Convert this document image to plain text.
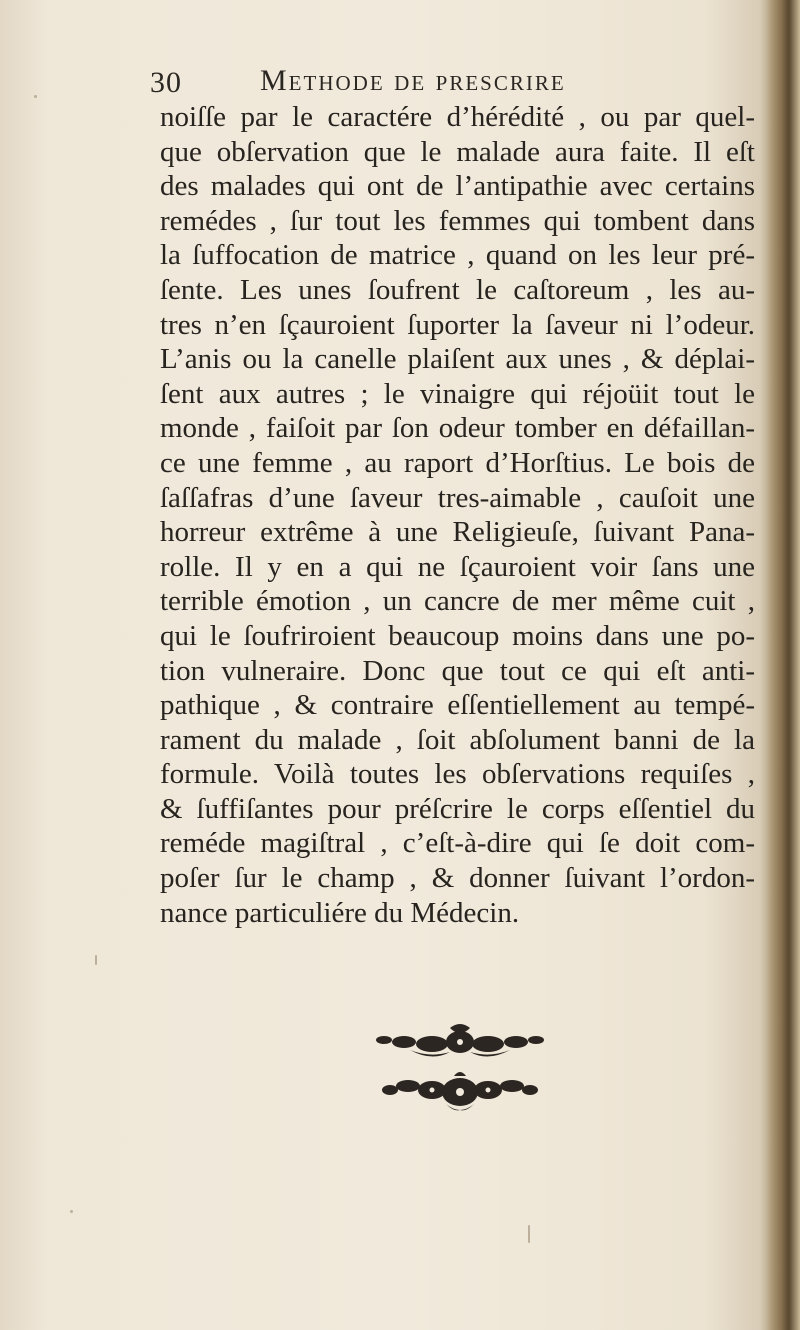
30	Methode de prescrire
noiſſe par le caractére d’hérédité , ou par quel-
que obſervation que le malade aura faite. Il eſt
des malades qui ont de l’antipathie avec certains
remédes , ſur tout les femmes qui tombent dans
la ſuffocation de matrice , quand on les leur pré-
ſente. Les unes ſoufrent le caſtoreum , les au-
tres n’en ſçauroient ſuporter la ſaveur ni l’odeur.
L’anis ou la canelle plaiſent aux unes , & déplai-
ſent aux autres ; le vinaigre qui réjoüit tout le
monde , faiſoit par ſon odeur tomber en défaillan-
ce une femme , au raport d’Horſtius. Le bois de
ſaſſafras d’une ſaveur tres-aimable , cauſoit une
horreur extrême à une Religieuſe, ſuivant Pana-
rolle. Il y en a qui ne ſçauroient voir ſans une
terrible émotion , un cancre de mer même cuit ,
qui le ſoufriroient beaucoup moins dans une po-
tion vulneraire. Donc que tout ce qui eſt anti-
pathique , & contraire eſſentiellement au tempé-
rament du malade , ſoit abſolument banni de la
formule. Voilà toutes les obſervations requiſes ,
& ſuffiſantes pour préſcrire le corps eſſentiel du
reméde magiſtral , c’eſt-à-dire qui ſe doit com-
poſer ſur le champ , & donner ſuivant l’ordon-
nance particuliére du Médecin.
